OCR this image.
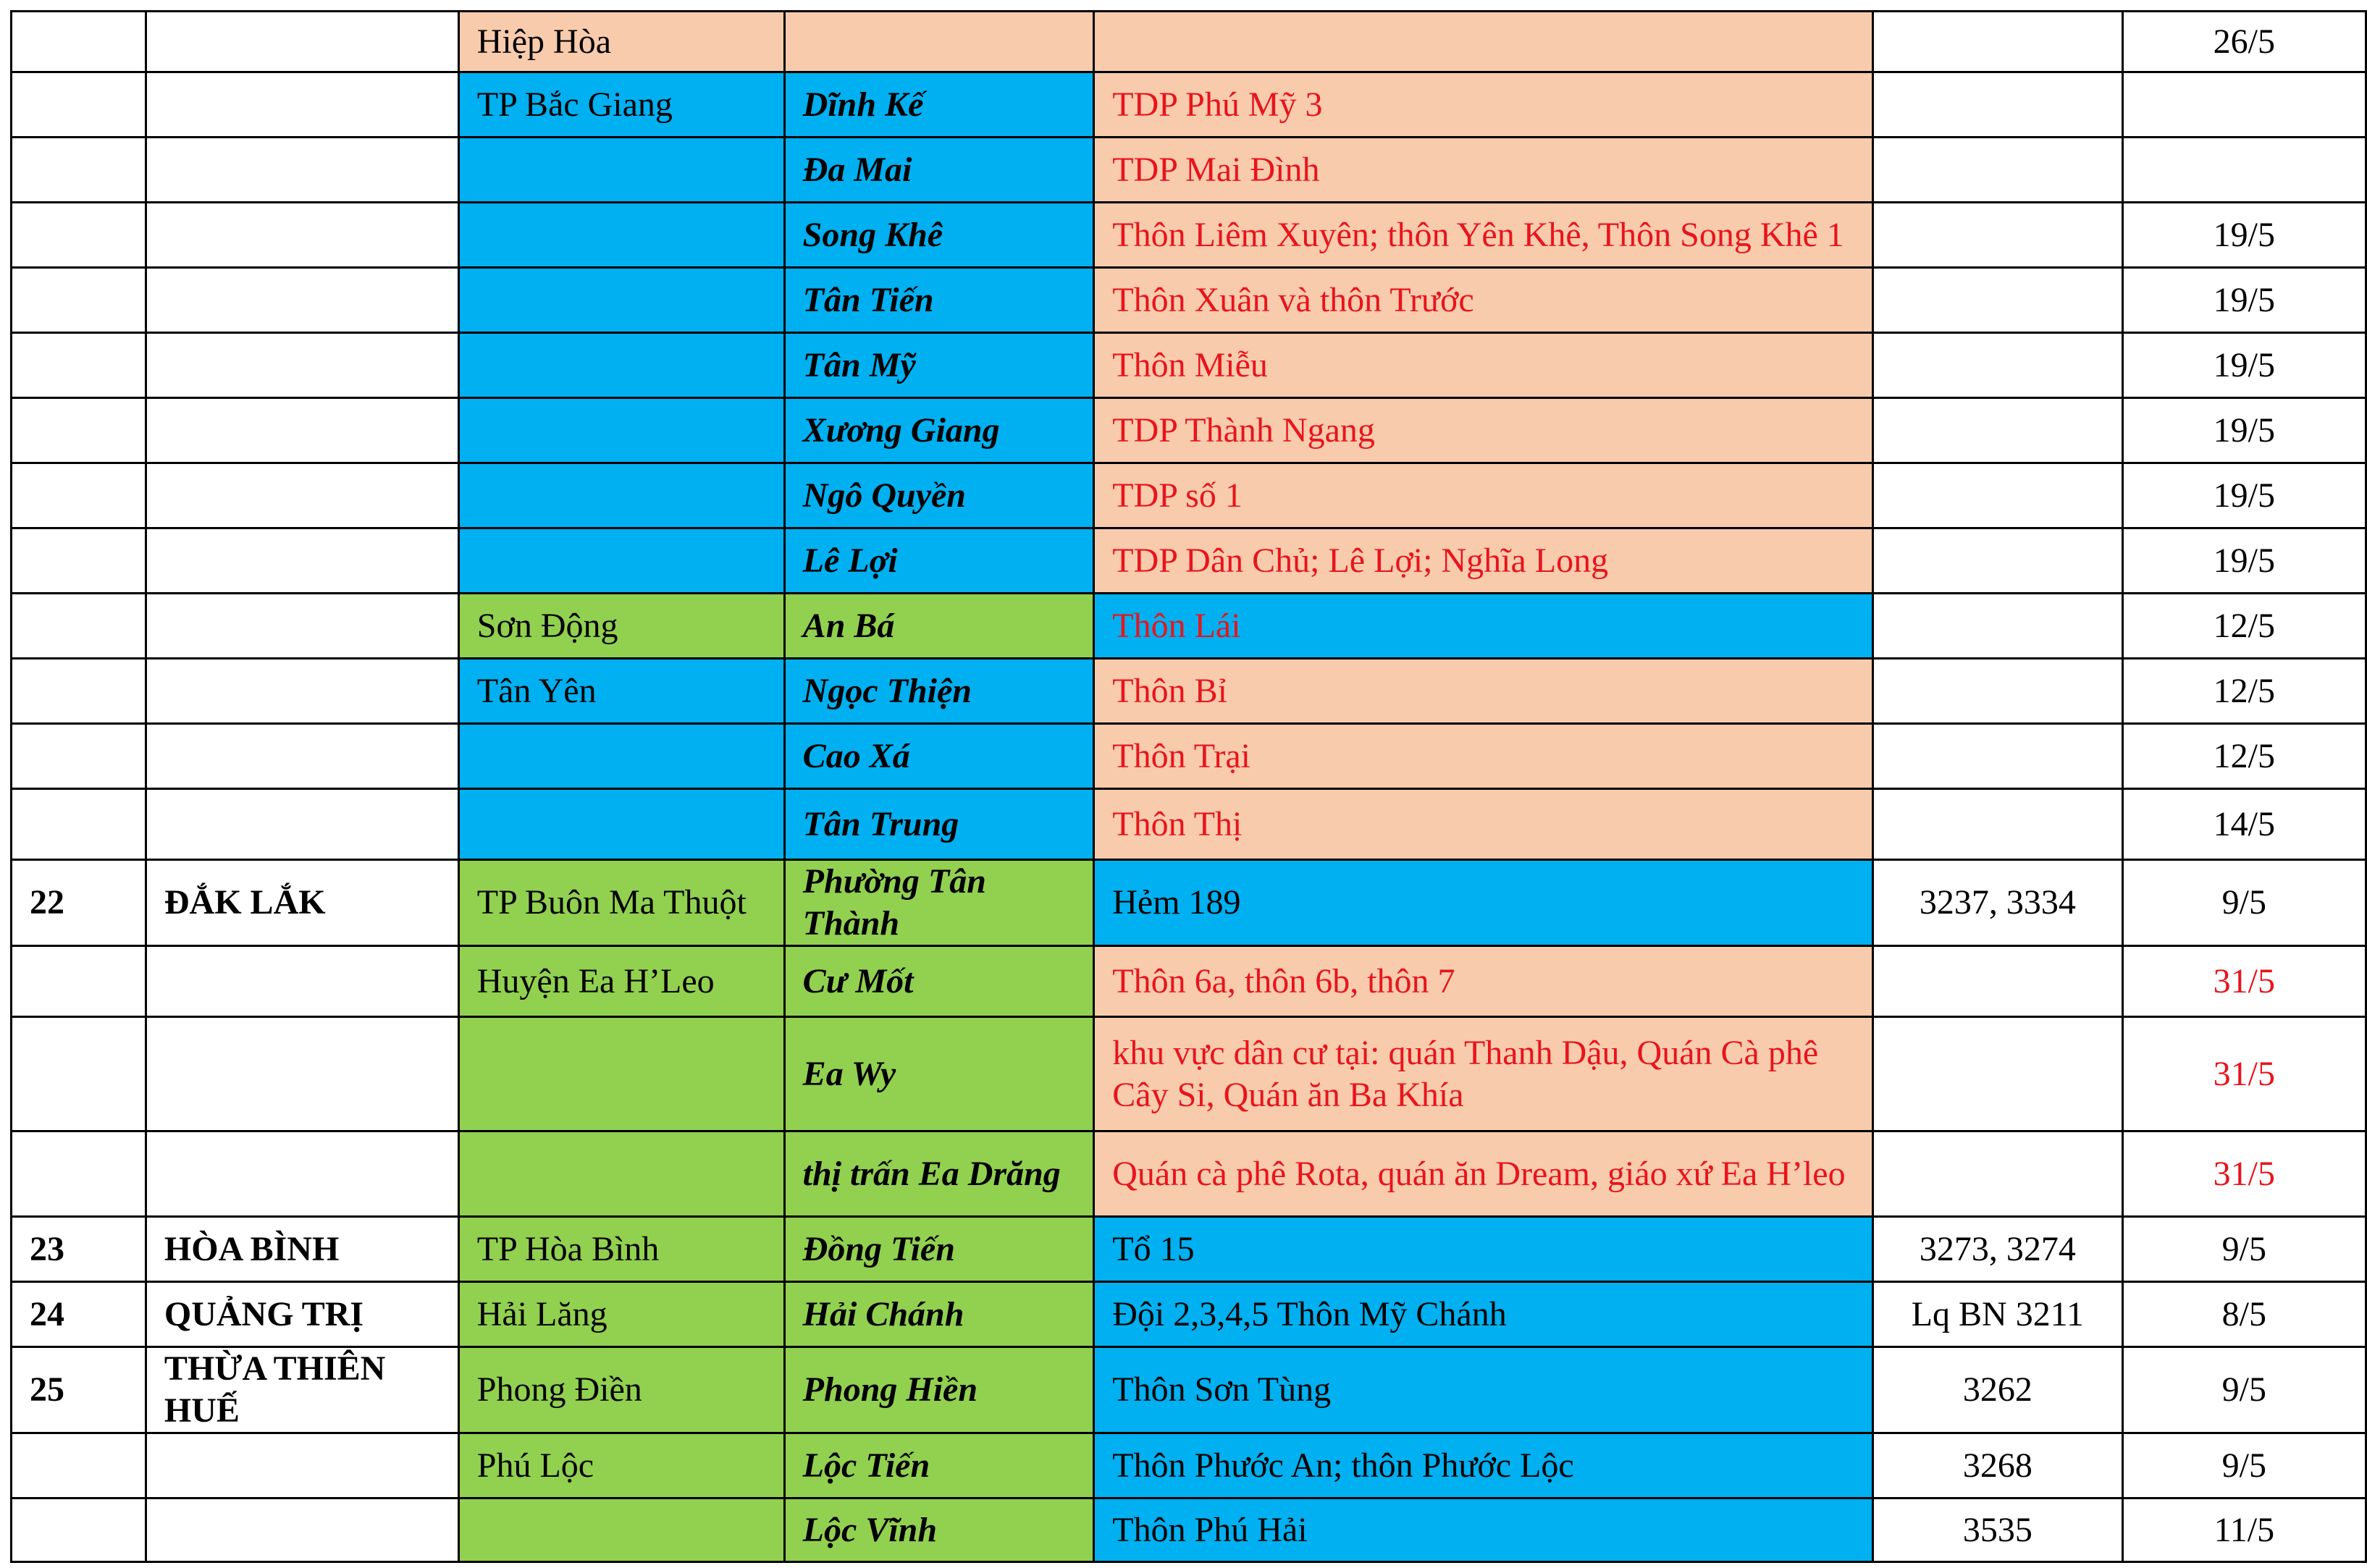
		Hiệp Hòa				26/5
		TP Bắc Giang	Dĩnh Kế	TDP Phú Mỹ 3		
			Đa Mai	TDP Mai Đình		
			Song Khê	Thôn Liêm Xuyên; thôn Yên Khê, Thôn Song Khê 1		19/5
			Tân Tiến	Thôn Xuân và thôn Trước		19/5
			Tân Mỹ	Thôn Miễu		19/5
			Xương Giang	TDP Thành Ngang		19/5
			Ngô Quyền	TDP số 1		19/5
			Lê Lợi	TDP Dân Chủ; Lê Lợi; Nghĩa Long		19/5
		Sơn Động	An Bá	Thôn Lái		12/5
		Tân Yên	Ngọc Thiện	Thôn Bỉ		12/5
			Cao Xá	Thôn Trại		12/5
			Tân Trung	Thôn Thị		14/5
22	ĐẮK LẮK	TP Buôn Ma Thuột	Phường Tân Thành	Hẻm 189	3237, 3334	9/5
		Huyện Ea H’Leo	Cư Mốt	Thôn 6a, thôn 6b, thôn 7		31/5
			Ea Wy	khu vực dân cư tại: quán Thanh Dậu, Quán Cà phê Cây Si, Quán ăn Ba Khía		31/5
			thị trấn Ea Drăng	Quán cà phê Rota, quán ăn Dream, giáo xứ Ea H’leo		31/5
23	HÒA BÌNH	TP Hòa Bình	Đồng Tiến	Tổ 15	3273, 3274	9/5
24	QUẢNG TRỊ	Hải Lăng	Hải Chánh	Đội 2,3,4,5 Thôn Mỹ Chánh	Lq BN 3211	8/5
25	THỪA THIÊN HUẾ	Phong Điền	Phong Hiền	Thôn Sơn Tùng	3262	9/5
		Phú Lộc	Lộc Tiến	Thôn Phước An; thôn Phước Lộc	3268	9/5
			Lộc Vĩnh	Thôn Phú Hải	3535	11/5
